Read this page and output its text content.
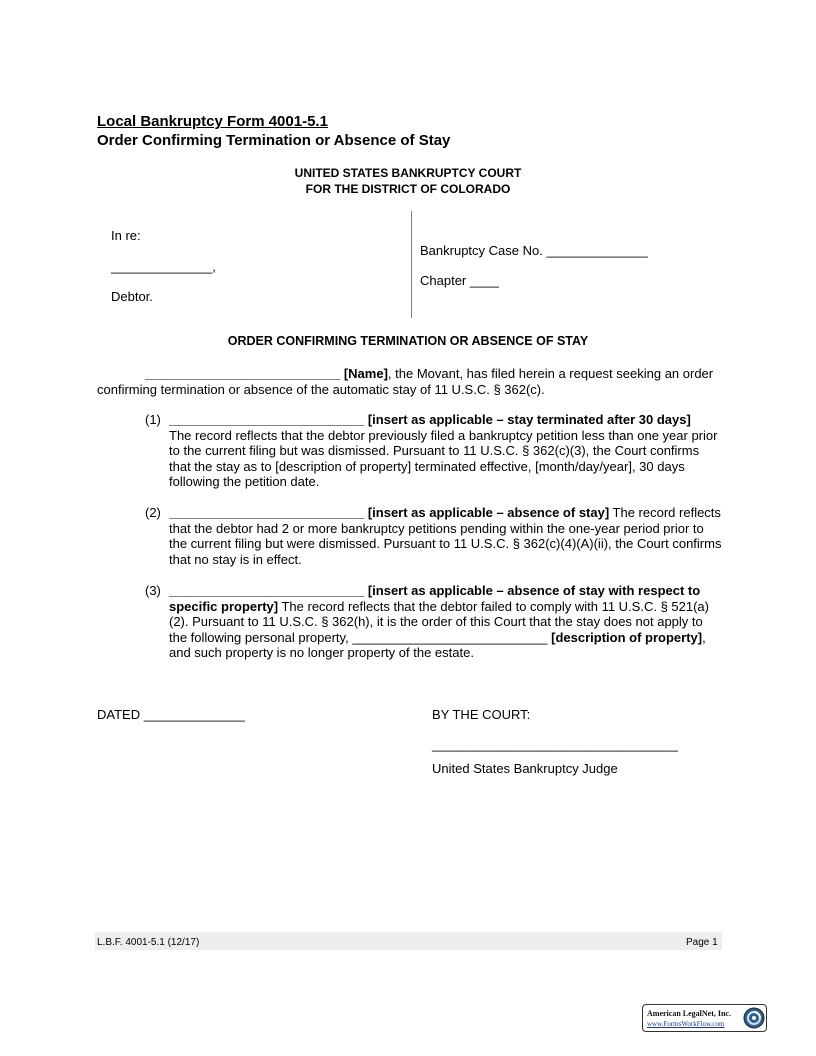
Local Bankruptcy Form 4001-5.1
Order Confirming Termination or Absence of Stay
UNITED STATES BANKRUPTCY COURT
FOR THE DISTRICT OF COLORADO
In re:
______________,
Debtor.
Bankruptcy Case No. ______________
Chapter ____
ORDER CONFIRMING TERMINATION OR ABSENCE OF STAY
___________________________ [Name], the Movant, has filed herein a request seeking an order confirming termination or absence of the automatic stay of 11 U.S.C. § 362(c).
(1) ___________________________ [insert as applicable – stay terminated after 30 days]
The record reflects that the debtor previously filed a bankruptcy petition less than one year prior to the current filing but was dismissed. Pursuant to 11 U.S.C. § 362(c)(3), the Court confirms that the stay as to [description of property] terminated effective, [month/day/year], 30 days following the petition date.
(2) ___________________________ [insert as applicable – absence of stay] The record reflects that the debtor had 2 or more bankruptcy petitions pending within the one-year period prior to the current filing but were dismissed. Pursuant to 11 U.S.C. § 362(c)(4)(A)(ii), the Court confirms that no stay is in effect.
(3) ___________________________ [insert as applicable – absence of stay with respect to specific property] The record reflects that the debtor failed to comply with 11 U.S.C. § 521(a)(2). Pursuant to 11 U.S.C. § 362(h), it is the order of this Court that the stay does not apply to the following personal property, ___________________________ [description of property], and such property is no longer property of the estate.
DATED ______________	BY THE COURT:
__________________________________
United States Bankruptcy Judge
L.B.F. 4001-5.1 (12/17)	Page 1
American LegalNet, Inc.
www.FormsWorkFlow.com
